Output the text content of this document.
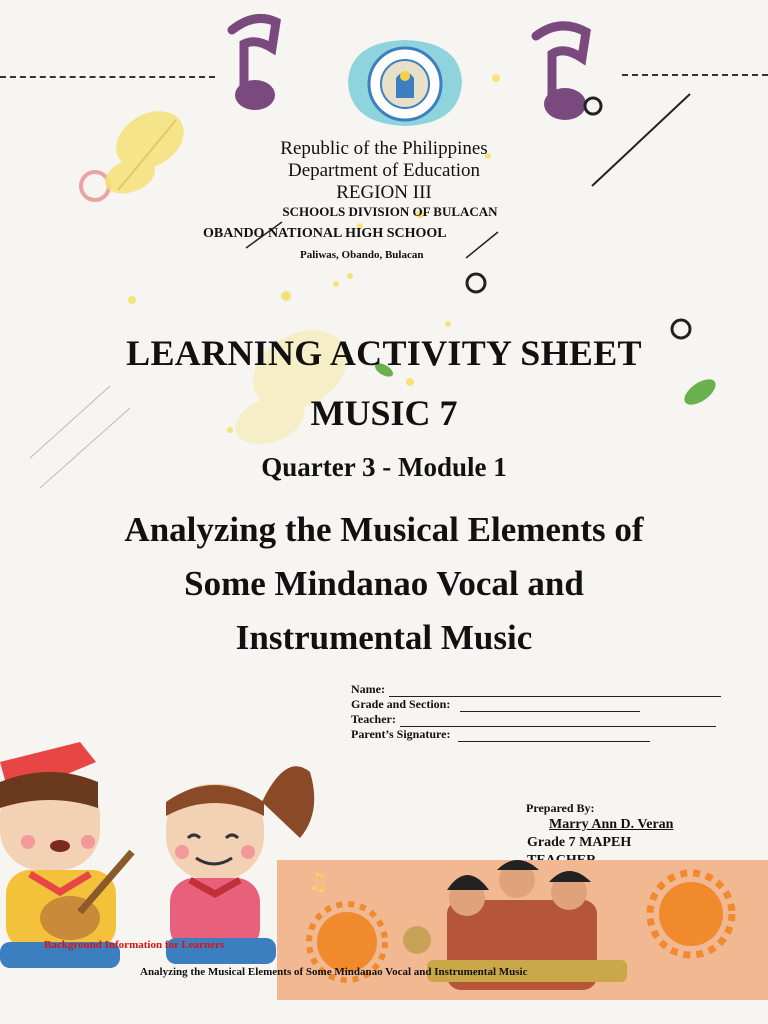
Republic of the Philippines
Department of Education
REGION III
SCHOOLS DIVISION OF BULACAN
OBANDO NATIONAL HIGH SCHOOL
Paliwas, Obando, Bulacan
LEARNING ACTIVITY SHEET
MUSIC 7
Quarter 3 - Module 1
Analyzing the Musical Elements of
Some Mindanao Vocal and
Instrumental Music
Name:
Grade and Section:
Teacher:
Parent’s Signature:
Prepared By:
Marry Ann D. Veran
Grade 7 MAPEH
♫
Background Information for Learners
Analyzing the Musical Elements of Some Mindanao Vocal and Instrumental Music
